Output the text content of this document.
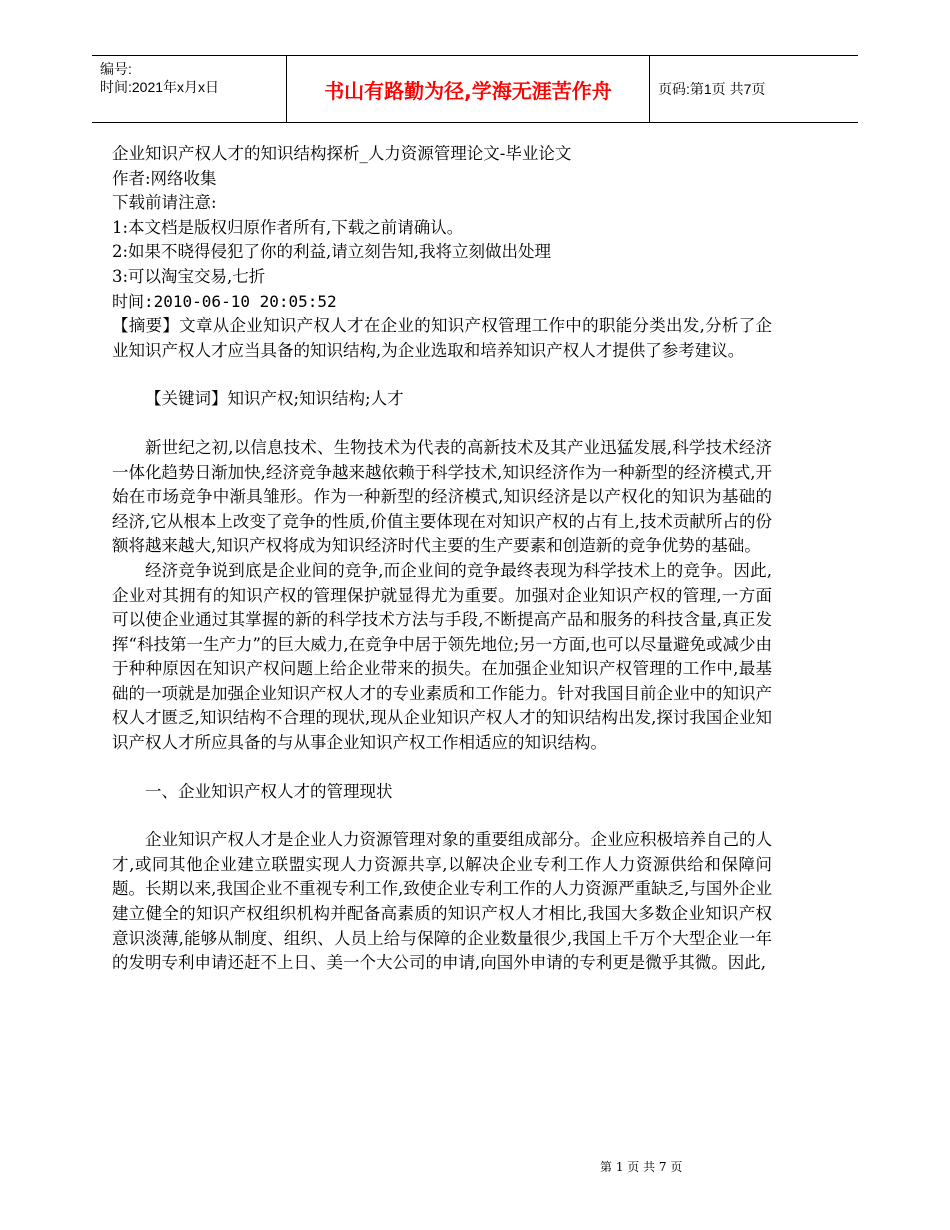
编号:
时间:2021年x月x日	书山有路勤为径,学海无涯苦作舟	页码:第1页 共7页
企业知识产权人才的知识结构探析_人力资源管理论文-毕业论文
作者:网络收集
下载前请注意:
1:本文档是版权归原作者所有,下载之前请确认。
2:如果不晓得侵犯了你的利益,请立刻告知,我将立刻做出处理
3:可以淘宝交易,七折
时间:2010-06-10 20:05:52

【摘要】文章从企业知识产权人才在企业的知识产权管理工作中的职能分类出发,分析了企业知识产权人才应当具备的知识结构,为企业选取和培养知识产权人才提供了参考建议。

【关键词】知识产权;知识结构;人才

新世纪之初,以信息技术、生物技术为代表的高新技术及其产业迅猛发展,科学技术经济一体化趋势日渐加快,经济竞争越来越依赖于科学技术,知识经济作为一种新型的经济模式,开始在市场竞争中渐具雏形。作为一种新型的经济模式,知识经济是以产权化的知识为基础的经济,它从根本上改变了竞争的性质,价值主要体现在对知识产权的占有上,技术贡献所占的份额将越来越大,知识产权将成为知识经济时代主要的生产要素和创造新的竞争优势的基础。

经济竞争说到底是企业间的竞争,而企业间的竞争最终表现为科学技术上的竞争。因此,企业对其拥有的知识产权的管理保护就显得尤为重要。加强对企业知识产权的管理,一方面可以使企业通过其掌握的新的科学技术方法与手段,不断提高产品和服务的科技含量,真正发挥“科技第一生产力”的巨大威力,在竞争中居于领先地位;另一方面,也可以尽量避免或减少由于种种原因在知识产权问题上给企业带来的损失。在加强企业知识产权管理的工作中,最基础的一项就是加强企业知识产权人才的专业素质和工作能力。针对我国目前企业中的知识产权人才匮乏,知识结构不合理的现状,现从企业知识产权人才的知识结构出发,探讨我国企业知识产权人才所应具备的与从事企业知识产权工作相适应的知识结构。

一、企业知识产权人才的管理现状

企业知识产权人才是企业人力资源管理对象的重要组成部分。企业应积极培养自己的人才,或同其他企业建立联盟实现人力资源共享,以解决企业专利工作人力资源供给和保障问题。长期以来,我国企业不重视专利工作,致使企业专利工作的人力资源严重缺乏,与国外企业建立健全的知识产权组织机构并配备高素质的知识产权人才相比,我国大多数企业知识产权意识淡薄,能够从制度、组织、人员上给与保障的企业数量很少,我国上千万个大型企业一年的发明专利申请还赶不上日、美一个大公司的申请,向国外申请的专利更是微乎其微。因此,

第 1 页 共 7 页
